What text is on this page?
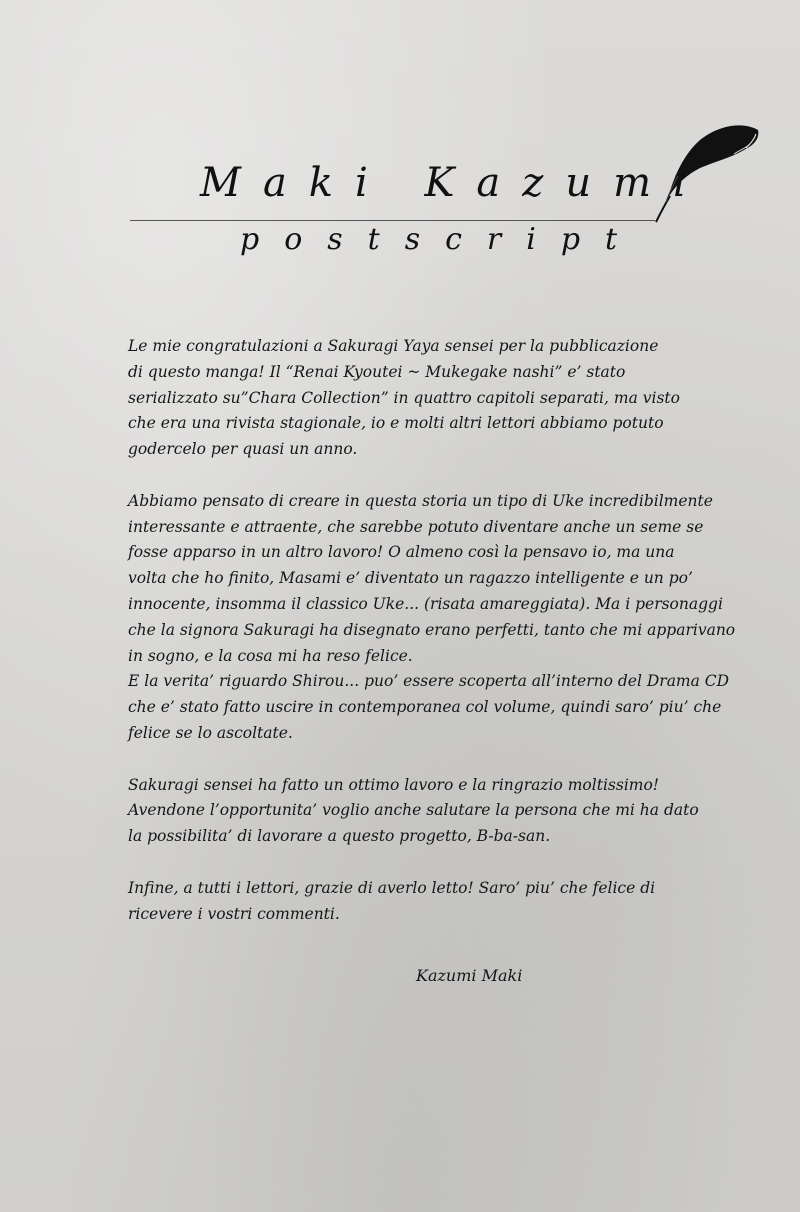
Maki Kazumi
postscript
Le mie congratulazioni a Sakuragi Yaya sensei per la pubblicazione
di questo manga! Il “Renai Kyoutei ~ Mukegake nashi” e’ stato
serializzato su”Chara Collection” in quattro capitoli separati, ma visto
che era una rivista stagionale, io e molti altri lettori abbiamo potuto
godercelo per quasi un anno.
Abbiamo pensato di creare in questa storia un tipo di Uke incredibilmente
interessante e attraente, che sarebbe potuto diventare anche un seme se
fosse apparso in un altro lavoro! O almeno così la pensavo io, ma una
volta che ho finito, Masami e’ diventato un ragazzo intelligente e un po’
innocente, insomma il classico Uke... (risata amareggiata). Ma i personaggi
che la signora Sakuragi ha disegnato erano perfetti, tanto che mi apparivano
in sogno, e la cosa mi ha reso felice.
E la verita’ riguardo Shirou... puo’ essere scoperta all’interno del Drama CD
che e’ stato fatto uscire in contemporanea col volume, quindi saro’ piu’ che
felice se lo ascoltate.
Sakuragi sensei ha fatto un ottimo lavoro e la ringrazio moltissimo!
Avendone l’opportunita’ voglio anche salutare la persona che mi ha dato
la possibilita’ di lavorare a questo progetto, B-ba-san.
Infine, a tutti i lettori, grazie di averlo letto! Saro’ piu’ che felice di
ricevere i vostri commenti.
Kazumi Maki
